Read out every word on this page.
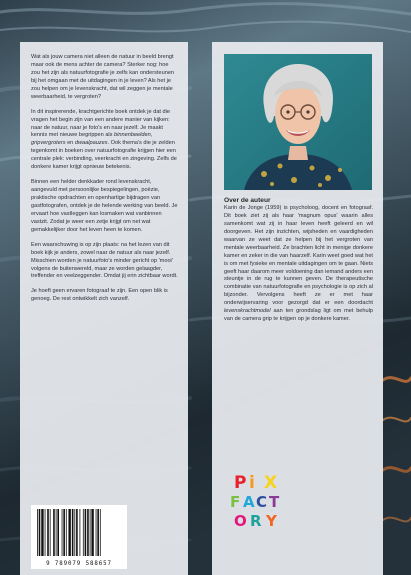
Wat als jouw camera niet alleen de natuur in beeld brengt maar ook de mens achter de camera? Sterker nog: hoe zou het zijn als natuurfotografie je zelfs kan ondersteunen bij het omgaan met de uitdagingen in je leven? Als het je zou helpen om je levenskracht, dat wil zeggen je mentale weerbaarheid, te vergroten?

In dit inspirerende, krachtgerichte boek ontdek je dat die vragen het begin zijn van een andere manier van kijken: naar de natuur, naar je foto's en naar jezelf. Je maakt kennis met nieuwe begrippen als binnenbeelden, gripvergroters en dwaalpauzes. Ook thema's die je zelden tegenkomt in boeken over natuurfotografie krijgen hier een centrale plek: verbinding, veerkracht en zingeving. Zelfs de donkere kamer krijgt opnieuw betekenis.

Binnen een helder denkkader rond levenskracht, aangevuld met persoonlijke bespiegelingen, poëzie, praktische opdrachten en openhartige bijdragen van gastfotografen, ontdek je de helende werking van beeld. Je ervaart hoe vastleggen kan losmaken wat vanbinnen vastzit. Zodat je weer een zetje krijgt om net wat gemakkelijker door het leven heen te komen.

Een waarschuwing is op zijn plaats: na het lezen van dit boek kijk je anders, zowel naar de natuur als naar jezelf. Misschien worden je natuurfoto's minder gericht op 'mooi' volgens de buitenwereld, maar ze worden gelaagder, treffender en veelzeggender. Omdat jij erin zichtbaar wordt.

Je hoeft geen ervaren fotograaf te zijn. Een open blik is genoeg. De rest ontwikkelt zich vanzelf.

9 789079 588657
Over de auteur

Karin de Jonge (1959) is psycholoog, docent en fotograaf. Dit boek ziet zij als haar 'magnum opus' waarin alles samenkomt wat zij in haar leven heeft geleerd en wil doorgeven. Het zijn inzichten, wijsheden en vaardigheden waarvan ze weet dat ze helpen bij het vergroten van mentale weerbaarheid. Ze brachten licht in menige donkere kamer en zeker in die van haarzelf. Karin weet goed wat het is om met fysieke en mentale uitdagingen om te gaan. Niets geeft haar daarom meer voldoening dan iemand anders een steuntje in de rug te kunnen geven. De therapeutische combinatie van natuurfotografie en psychologie is op zich al bijzonder. Vervolgens heeft ze er met haar onderwijservaring voor gezorgd dat er een doordacht levenskrachtmodel aan ten grondslag ligt om met behulp van de camera grip te krijgen op je donkere kamer.

P i X
F A C T
O R Y
